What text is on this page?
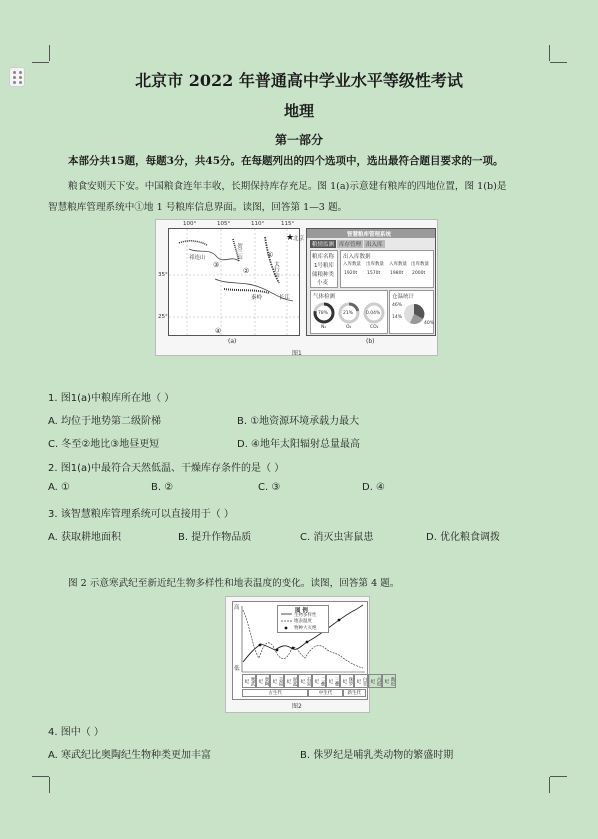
北京市 2022 年普通高中学业水平等级性考试
地理
第一部分
本部分共15题，每题3分，共45分。在每题列出的四个选项中，选出最符合题目要求的一项。
粮食安则天下安。中国粮食连年丰收，长期保持库存充足。图 1(a)示意建有粮库的四地位置，图 1(b)是
智慧粮库管理系统中①地 1 号粮库信息界面。读图，回答第 1—3 题。
100°	105°	110°	115°
35°
25°
★
北京
①
②
③
④
太行山
秦岭
祁连山	贺兰山
长江
(a)
智慧粮库管理系统
粮情监测 库存管理 出入库
粮库名称
1号粮库
储粮种类
小麦
出入库数据
入库数量 出库数量 入库数量 出库数量
1920t 1570t 1980t 2000t
气体检测
78%	21%	0.04%
N₂	O₂	CO₂
仓温统计
46%
14%
40%
(b)
图1
1. 图1(a)中粮库所在地（ ）
A. 均位于地势第二级阶梯	B. ①地资源环境承载力最大
C. 冬至②地比③地昼更短	D. ④地年太阳辐射总量最高
2. 图1(a)中最符合天然低温、干燥库存条件的是（ ）
A. ①	B. ②	C. ③	D. ④
3. 该智慧粮库管理系统可以直接用于（ ）
A. 获取耕地面积	B. 提升作物品质	C. 消灭虫害鼠患	D. 优化粮食调拨
图 2 示意寒武纪至新近纪生物多样性和地表温度的变化。读图，回答第 4 题。
高
低
图 例
生物多样性
地表温度
物种大灭绝
寒武纪	奥陶纪	志留纪	泥盆纪	石炭纪	二叠纪	三叠纪	侏罗纪	白垩纪	古近纪	新近纪
古生代	中生代	新生代
图2
4. 图中（ ）
A. 寒武纪比奥陶纪生物种类更加丰富	B. 侏罗纪是哺乳类动物的繁盛时期
